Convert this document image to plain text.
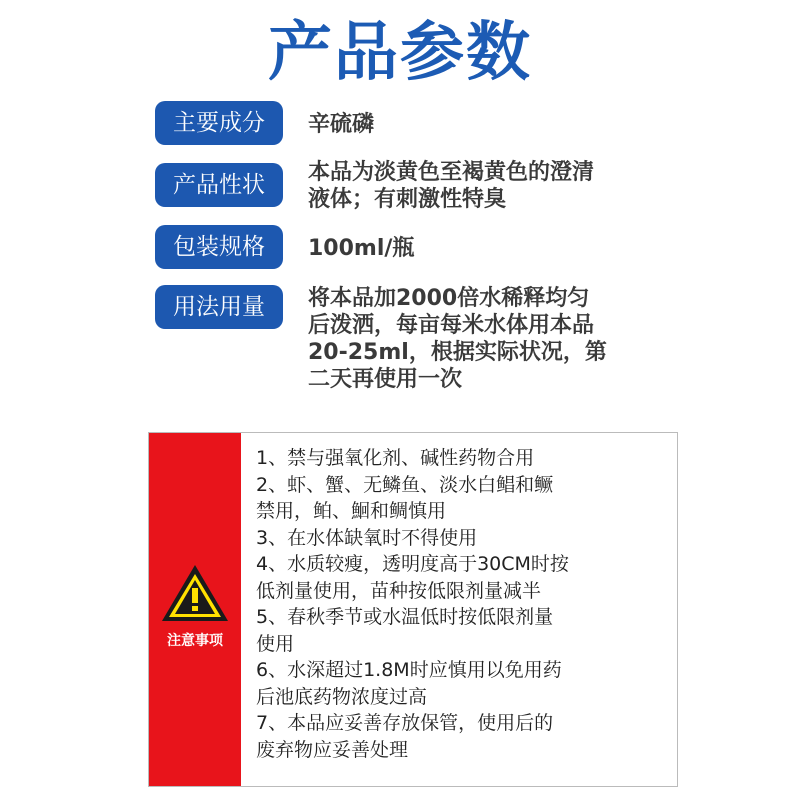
产品参数
主要成分	辛硫磷
产品性状	本品为淡黄色至褐黄色的澄清
液体；有刺激性特臭
包装规格	100ml/瓶
用法用量	将本品加2000倍水稀释均匀
后泼洒，每亩每米水体用本品
20-25ml，根据实际状况，第
二天再使用一次
注意事项
1、禁与强氧化剂、碱性药物合用
2、虾、蟹、无鳞鱼、淡水白鲳和鳜
禁用，鲌、鮰和鲷慎用
3、在水体缺氧时不得使用
4、水质较瘦，透明度高于30CM时按
低剂量使用，苗种按低限剂量减半
5、春秋季节或水温低时按低限剂量
使用
6、水深超过1.8M时应慎用以免用药
后池底药物浓度过高
7、本品应妥善存放保管，使用后的
废弃物应妥善处理
